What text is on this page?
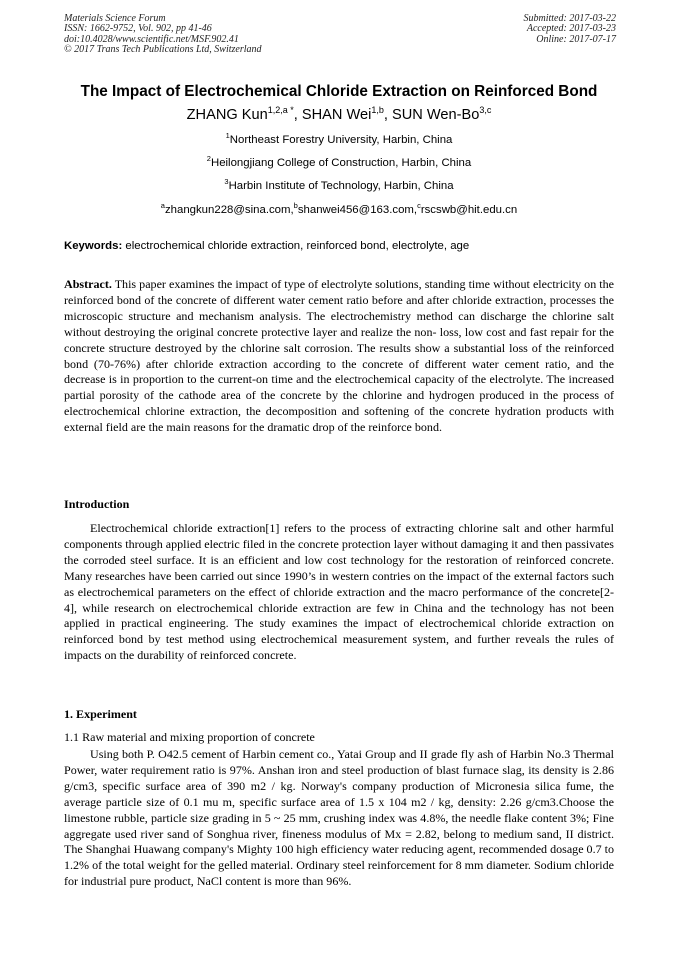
Materials Science Forum
ISSN: 1662-9752, Vol. 902, pp 41-46
doi:10.4028/www.scientific.net/MSF.902.41
© 2017 Trans Tech Publications Ltd, Switzerland
Submitted: 2017-03-22
Accepted: 2017-03-23
Online: 2017-07-17
The Impact of Electrochemical Chloride Extraction on Reinforced Bond
ZHANG Kun$^{1,2,a *}$, SHAN Wei$^{1,b}$, SUN Wen-Bo$^{3,c}$
$^1$Northeast Forestry University, Harbin, China
$^2$Heilongjiang College of Construction, Harbin, China
$^3$Harbin Institute of Technology, Harbin, China
$^a$zhangkun228@sina.com,$^b$shanwei456@163.com,$^c$rscswb@hit.edu.cn
Keywords: electrochemical chloride extraction, reinforced bond, electrolyte, age

Abstract. This paper examines the impact of type of electrolyte solutions, standing time without electricity on the reinforced bond of the concrete of different water cement ratio before and after chloride extraction, processes the microscopic structure and mechanism analysis. The electrochemistry method can discharge the chlorine salt without destroying the original concrete protective layer and realize the non- loss, low cost and fast repair for the concrete structure destroyed by the chlorine salt corrosion. The results show a substantial loss of the reinforced bond (70-76%) after chloride extraction according to the concrete of different water cement ratio, and the decrease is in proportion to the current-on time and the electrochemical capacity of the electrolyte. The increased partial porosity of the cathode area of the concrete by the chlorine and hydrogen produced in the process of electrochemical chlorine extraction, the decomposition and softening of the concrete hydration products with external field are the main reasons for the dramatic drop of the reinforce bond.

Introduction

Electrochemical chloride extraction[1] refers to the process of extracting chlorine salt and other harmful components through applied electric filed in the concrete protection layer without damaging it and then passivates the corroded steel surface. It is an efficient and low cost technology for the restoration of reinforced concrete. Many researches have been carried out since 1990’s in western contries on the impact of the external factors such as electrochemical parameters on the effect of chloride extraction and the macro performance of the concrete[2-4], while research on electrochemical chloride extraction are few in China and the technology has not been applied in practical engineering. The study examines the impact of electrochemical chloride extraction on reinforced bond by test method using electrochemical measurement system, and further reveals the rules of impacts on the durability of reinforced concrete.

1. Experiment
1.1 Raw material and mixing proportion of concrete

Using both P. O42.5 cement of Harbin cement co., Yatai Group and II grade fly ash of Harbin No.3 Thermal Power, water requirement ratio is 97%. Anshan iron and steel production of blast furnace slag, its density is 2.86 g/cm3, specific surface area of 390 m2 / kg. Norway's company production of Micronesia silica fume, the average particle size of 0.1 mu m, specific surface area of 1.5 x 104 m2 / kg, density: 2.26 g/cm3.Choose the limestone rubble, particle size grading in 5 ~ 25 mm, crushing index was 4.8%, the needle flake content 3%; Fine aggregate used river sand of Songhua river, fineness modulus of Mx = 2.82, belong to medium sand, II district. The Shanghai Huawang company's Mighty 100 high efficiency water reducing agent, recommended dosage 0.7 to 1.2% of the total weight for the gelled material. Ordinary steel reinforcement for 8 mm diameter. Sodium chloride for industrial pure product, NaCl content is more than 96%.
